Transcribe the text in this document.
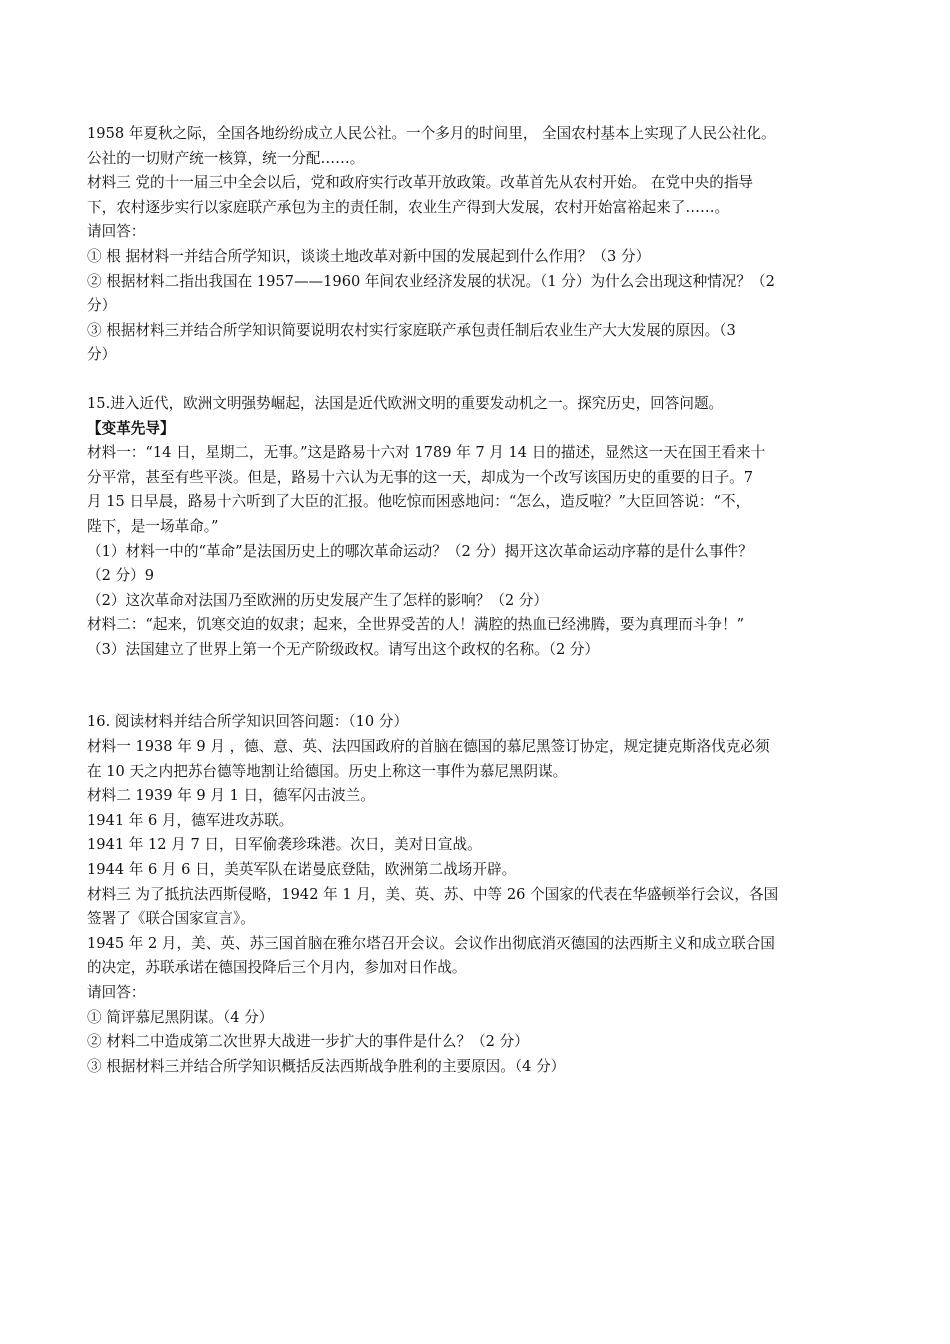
1958 年夏秋之际，全国各地纷纷成立人民公社。一个多月的时间里， 全国农村基本上实现了人民公社化。
公社的一切财产统一核算，统一分配……。
材料三 党的十一届三中全会以后，党和政府实行改革开放政策。改革首先从农村开始。 在党中央的指导
下，农村逐步实行以家庭联产承包为主的责任制，农业生产得到大发展，农村开始富裕起来了……。
请回答：
① 根 据材料一并结合所学知识，谈谈土地改革对新中国的发展起到什么作用？（3 分）
② 根据材料二指出我国在 1957——1960 年间农业经济发展的状况。（1 分）为什么会出现这种情况？（2
分）
③ 根据材料三并结合所学知识简要说明农村实行家庭联产承包责任制后农业生产大大发展的原因。（3
分）
15.进入近代，欧洲文明强势崛起，法国是近代欧洲文明的重要发动机之一。探究历史，回答问题。
【变革先导】
材料一：“14 日，星期二，无事。”这是路易十六对 1789 年 7 月 14 日的描述，显然这一天在国王看来十
分平常，甚至有些平淡。但是，路易十六认为无事的这一天，却成为一个改写该国历史的重要的日子。7
月 15 日早晨，路易十六听到了大臣的汇报。他吃惊而困惑地问：“怎么，造反啦？”大臣回答说：“不，
陛下，是一场革命。”
（1）材料一中的“革命”是法国历史上的哪次革命运动？（2 分）揭开这次革命运动序幕的是什么事件？
（2 分）9
（2）这次革命对法国乃至欧洲的历史发展产生了怎样的影响？（2 分）
材料二：“起来，饥寒交迫的奴隶；起来，全世界受苦的人！满腔的热血已经沸腾，要为真理而斗争！”
（3）法国建立了世界上第一个无产阶级政权。请写出这个政权的名称。（2 分）
16. 阅读材料并结合所学知识回答问题：（10 分）
材料一 1938 年 9 月 ，德、意、英、法四国政府的首脑在德国的慕尼黑签订协定，规定捷克斯洛伐克必须
在 10 天之内把苏台德等地割让给德国。历史上称这一事件为慕尼黑阴谋。
材料二 1939 年 9 月 1 日，德军闪击波兰。
1941 年 6 月，德军进攻苏联。
1941 年 12 月 7 日，日军偷袭珍珠港。次日，美对日宣战。
1944 年 6 月 6 日，美英军队在诺曼底登陆，欧洲第二战场开辟。
材料三 为了抵抗法西斯侵略，1942 年 1 月，美、英、苏、中等 26 个国家的代表在华盛顿举行会议，各国
签署了《联合国家宣言》。
1945 年 2 月，美、英、苏三国首脑在雅尔塔召开会议。会议作出彻底消灭德国的法西斯主义和成立联合国
的决定，苏联承诺在德国投降后三个月内，参加对日作战。
请回答：
① 简评慕尼黑阴谋。（4 分）
② 材料二中造成第二次世界大战进一步扩大的事件是什么？（2 分）
③ 根据材料三并结合所学知识概括反法西斯战争胜利的主要原因。（4 分）
